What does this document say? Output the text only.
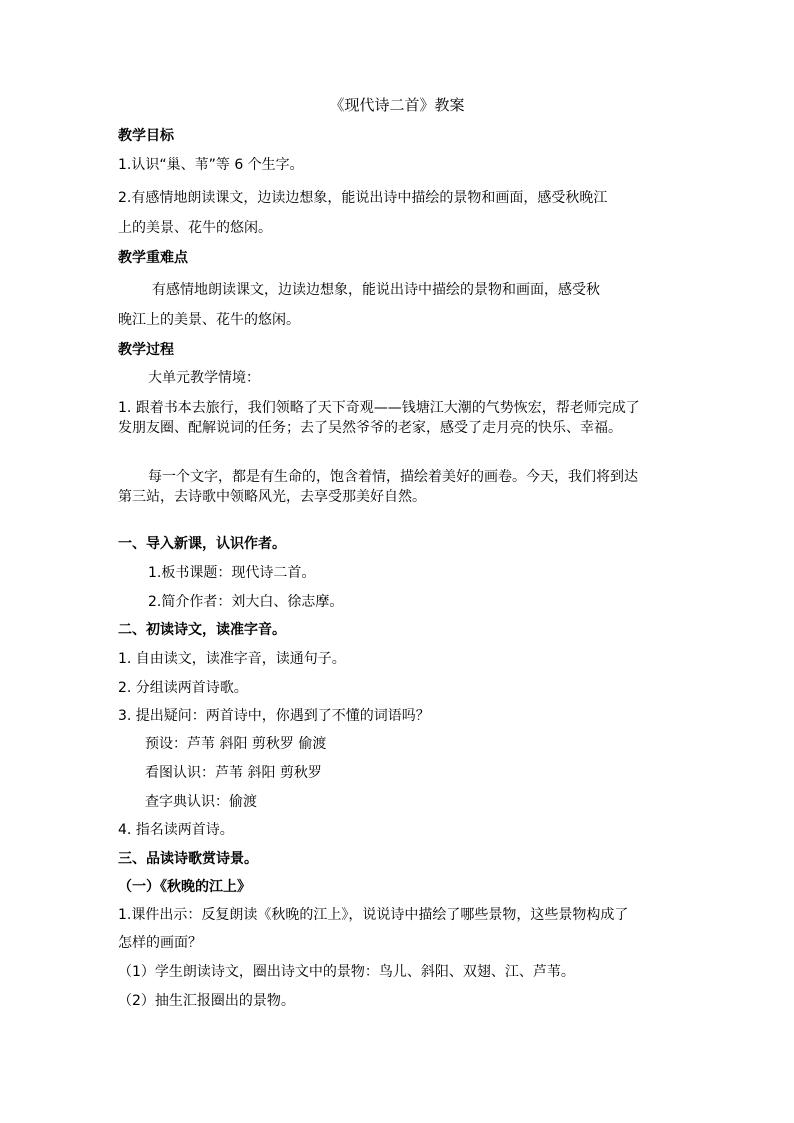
《现代诗二首》教案

教学目标

1.认识“巢、苇”等 6 个生字。

2.有感情地朗读课文，边读边想象，能说出诗中描绘的景物和画面，感受秋晚江

上的美景、花牛的悠闲。

教学重难点

有感情地朗读课文，边读边想象，能说出诗中描绘的景物和画面，感受秋

晚江上的美景、花牛的悠闲。

教学过程

大单元教学情境：

1. 跟着书本去旅行，我们领略了天下奇观——钱塘江大潮的气势恢宏，帮老师完成了

发朋友圈、配解说词的任务；去了吴然爷爷的老家，感受了走月亮的快乐、幸福。

每一个文字，都是有生命的，饱含着情，描绘着美好的画卷。今天，我们将到达

第三站，去诗歌中领略风光，去享受那美好自然。

一、导入新课，认识作者。

1.板书课题：现代诗二首。

2.简介作者：刘大白、徐志摩。

二、初读诗文，读准字音。

1. 自由读文，读准字音，读通句子。

2. 分组读两首诗歌。

3. 提出疑问：两首诗中，你遇到了不懂的词语吗？

预设：芦苇 斜阳 剪秋罗 偷渡

看图认识：芦苇 斜阳 剪秋罗

查字典认识：偷渡

4. 指名读两首诗。

三、品读诗歌赏诗景。

（一）《秋晚的江上》

1.课件出示：反复朗读《秋晚的江上》，说说诗中描绘了哪些景物，这些景物构成了

怎样的画面？

（1）学生朗读诗文，圈出诗文中的景物：鸟儿、斜阳、双翅、江、芦苇。

（2）抽生汇报圈出的景物。
